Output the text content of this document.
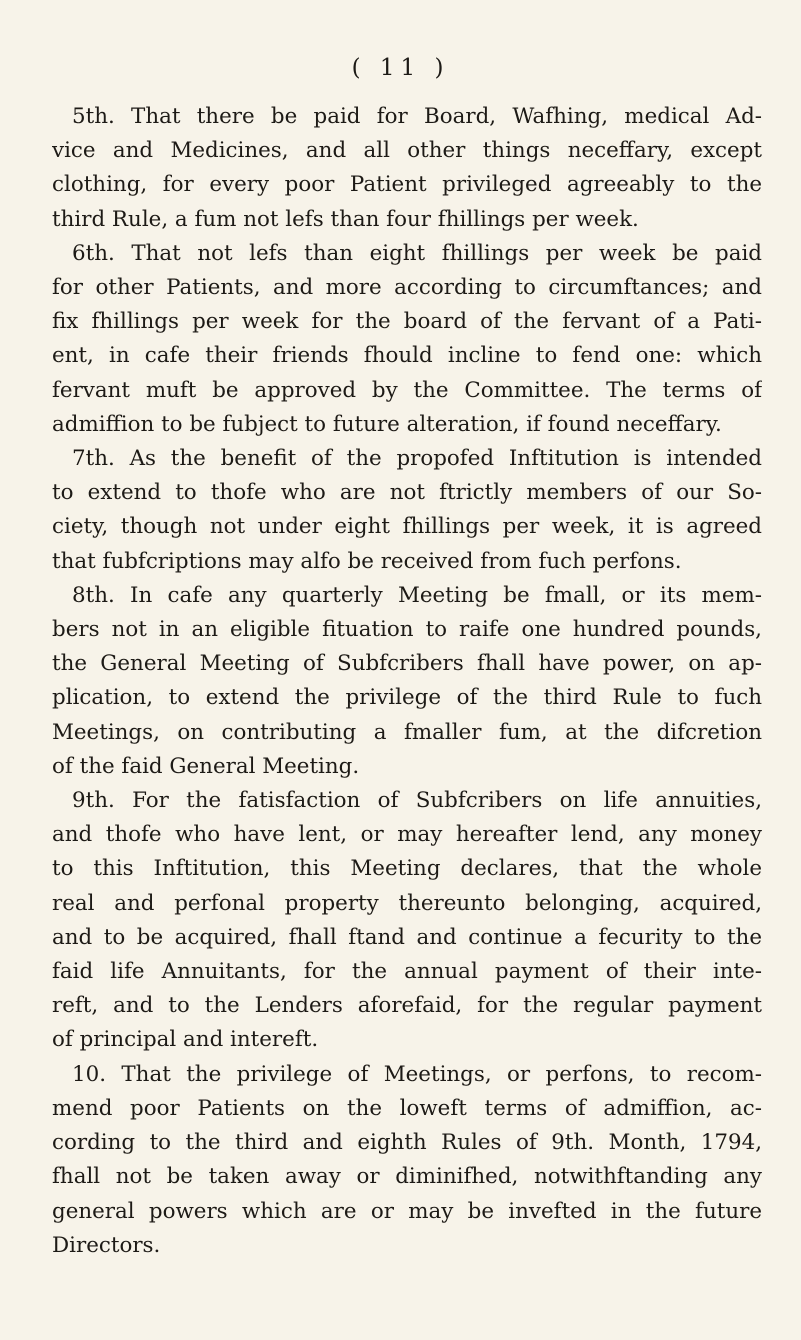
( 11 )
5th. That there be paid for Board, Wafhing, medical Ad-
vice and Medicines, and all other things neceffary, except
clothing, for every poor Patient privileged agreeably to the
third Rule, a fum not lefs than four fhillings per week.
6th. That not lefs than eight fhillings per week be paid
for other Patients, and more according to circumftances; and
fix fhillings per week for the board of the fervant of a Pati-
ent, in cafe their friends fhould incline to fend one: which
fervant muft be approved by the Committee. The terms of
admiffion to be fubject to future alteration, if found neceffary.
7th. As the benefit of the propofed Inftitution is intended
to extend to thofe who are not ftrictly members of our So-
ciety, though not under eight fhillings per week, it is agreed
that fubfcriptions may alfo be received from fuch perfons.
8th. In cafe any quarterly Meeting be fmall, or its mem-
bers not in an eligible fituation to raife one hundred pounds,
the General Meeting of Subfcribers fhall have power, on ap-
plication, to extend the privilege of the third Rule to fuch
Meetings, on contributing a fmaller fum, at the difcretion
of the faid General Meeting.
9th. For the fatisfaction of Subfcribers on life annuities,
and thofe who have lent, or may hereafter lend, any money
to this Inftitution, this Meeting declares, that the whole
real and perfonal property thereunto belonging, acquired,
and to be acquired, fhall ftand and continue a fecurity to the
faid life Annuitants, for the annual payment of their inte-
reft, and to the Lenders aforefaid, for the regular payment
of principal and intereft.
10. That the privilege of Meetings, or perfons, to recom-
mend poor Patients on the loweft terms of admiffion, ac-
cording to the third and eighth Rules of 9th. Month, 1794,
fhall not be taken away or diminifhed, notwithftanding any
general powers which are or may be invefted in the future
Directors.
